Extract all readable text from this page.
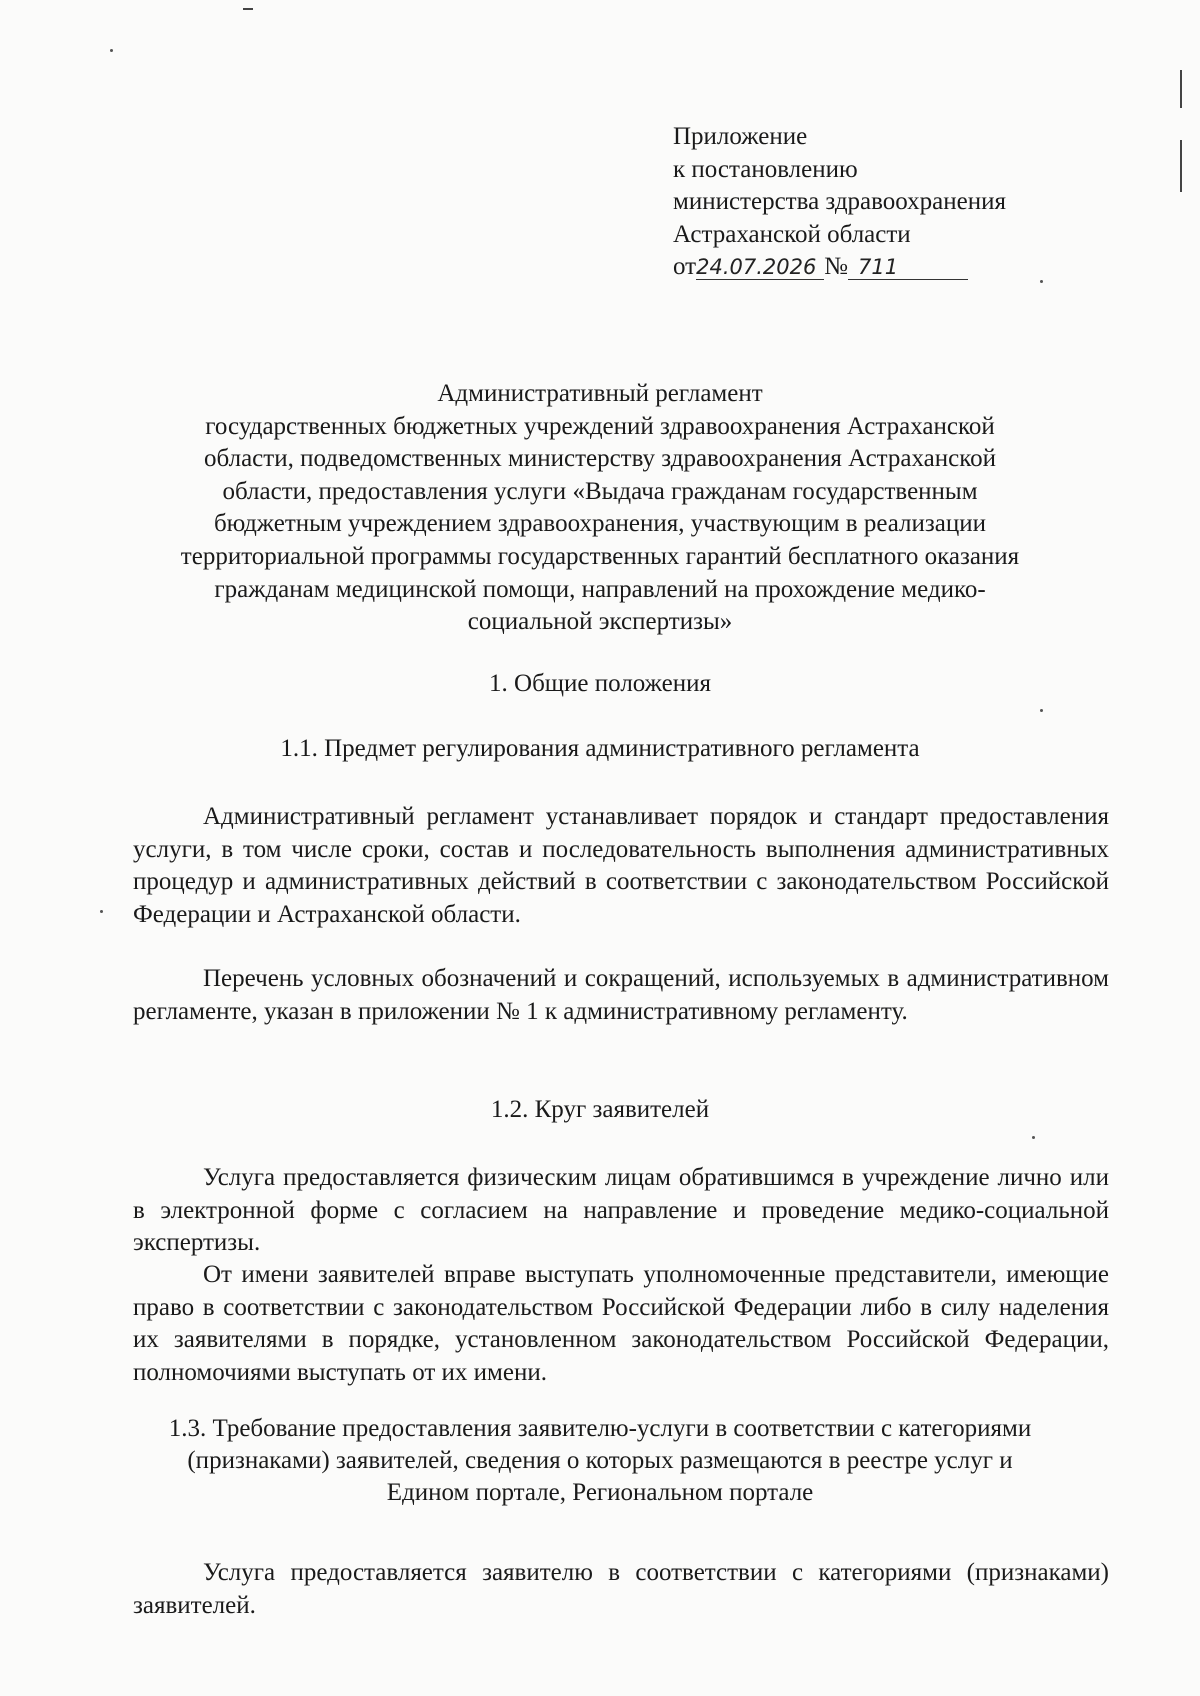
Приложение
к постановлению
министерства здравоохранения
Астраханской области
от24.07.2026 № 711
Административный регламент
государственных бюджетных учреждений здравоохранения Астраханской
области, подведомственных министерству здравоохранения Астраханской
области, предоставления услуги «Выдача гражданам государственным
бюджетным учреждением здравоохранения, участвующим в реализации
территориальной программы государственных гарантий бесплатного оказания
гражданам медицинской помощи, направлений на прохождение медико-
социальной экспертизы»
1. Общие положения
1.1. Предмет регулирования административного регламента

Административный регламент устанавливает порядок и стандарт предоставления услуги, в том числе сроки, состав и последовательность выполнения административных процедур и административных действий в соответствии с законодательством Российской Федерации и Астраханской области.

Перечень условных обозначений и сокращений, используемых в административном регламенте, указан в приложении № 1 к административному регламенту.

1.2. Круг заявителей

Услуга предоставляется физическим лицам обратившимся в учреждение лично или в электронной форме с согласием на направление и проведение медико-социальной экспертизы.

От имени заявителей вправе выступать уполномоченные представители, имеющие право в соответствии с законодательством Российской Федерации либо в силу наделения их заявителями в порядке, установленном законодательством Российской Федерации, полномочиями выступать от их имени.

1.3. Требование предоставления заявителю-услуги в соответствии с категориями
(признаками) заявителей, сведения о которых размещаются в реестре услуг и
Едином портале, Региональном портале

Услуга предоставляется заявителю в соответствии с категориями (признаками) заявителей.
